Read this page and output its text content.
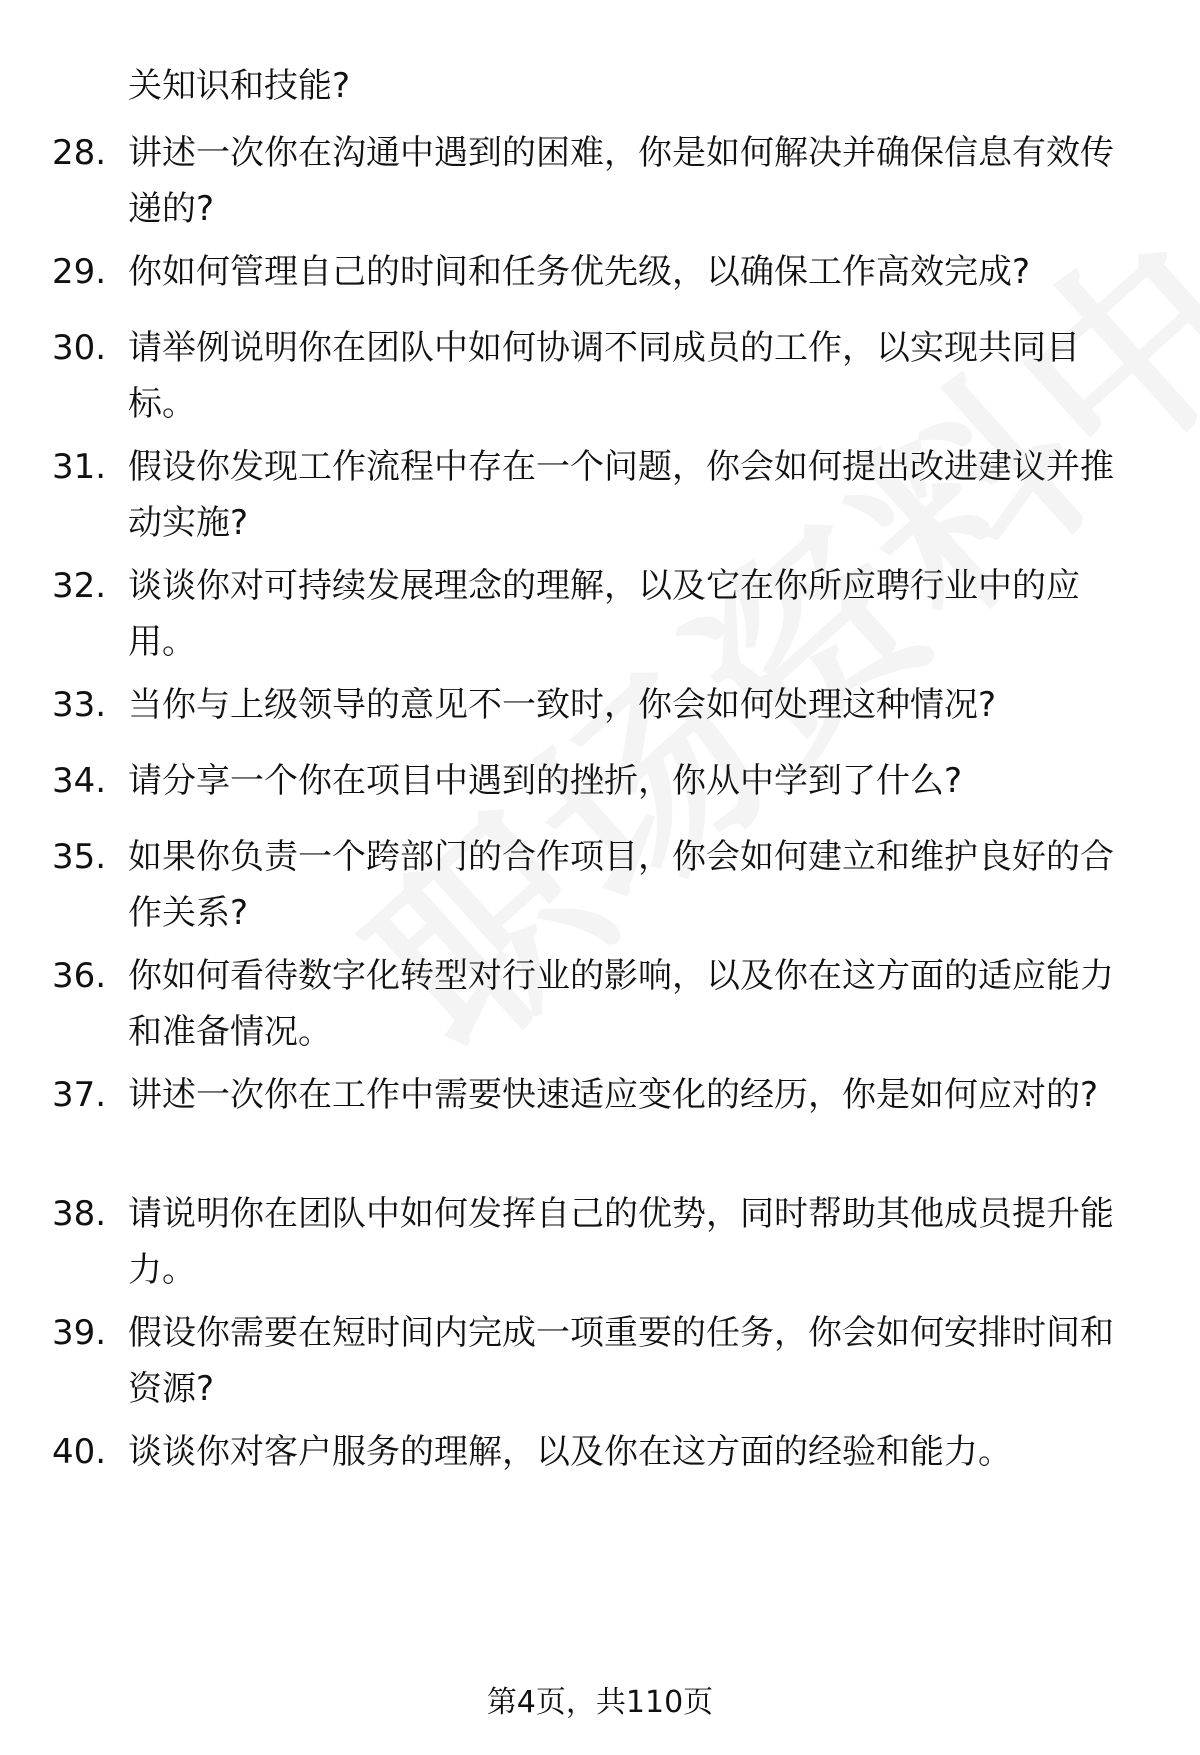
关知识和技能?
28. 讲述一次你在沟通中遇到的困难，你是如何解决并确保信息有效传递的?
29. 你如何管理自己的时间和任务优先级，以确保工作高效完成?
30. 请举例说明你在团队中如何协调不同成员的工作，以实现共同目标。
31. 假设你发现工作流程中存在一个问题，你会如何提出改进建议并推动实施?
32. 谈谈你对可持续发展理念的理解，以及它在你所应聘行业中的应用。
33. 当你与上级领导的意见不一致时，你会如何处理这种情况?
34. 请分享一个你在项目中遇到的挫折，你从中学到了什么?
35. 如果你负责一个跨部门的合作项目，你会如何建立和维护良好的合作关系?
36. 你如何看待数字化转型对行业的影响，以及你在这方面的适应能力和准备情况。
37. 讲述一次你在工作中需要快速适应变化的经历，你是如何应对的?
38. 请说明你在团队中如何发挥自己的优势，同时帮助其他成员提升能力。
39. 假设你需要在短时间内完成一项重要的任务，你会如何安排时间和资源?
40. 谈谈你对客户服务的理解，以及你在这方面的经验和能力。
第4页，共110页
